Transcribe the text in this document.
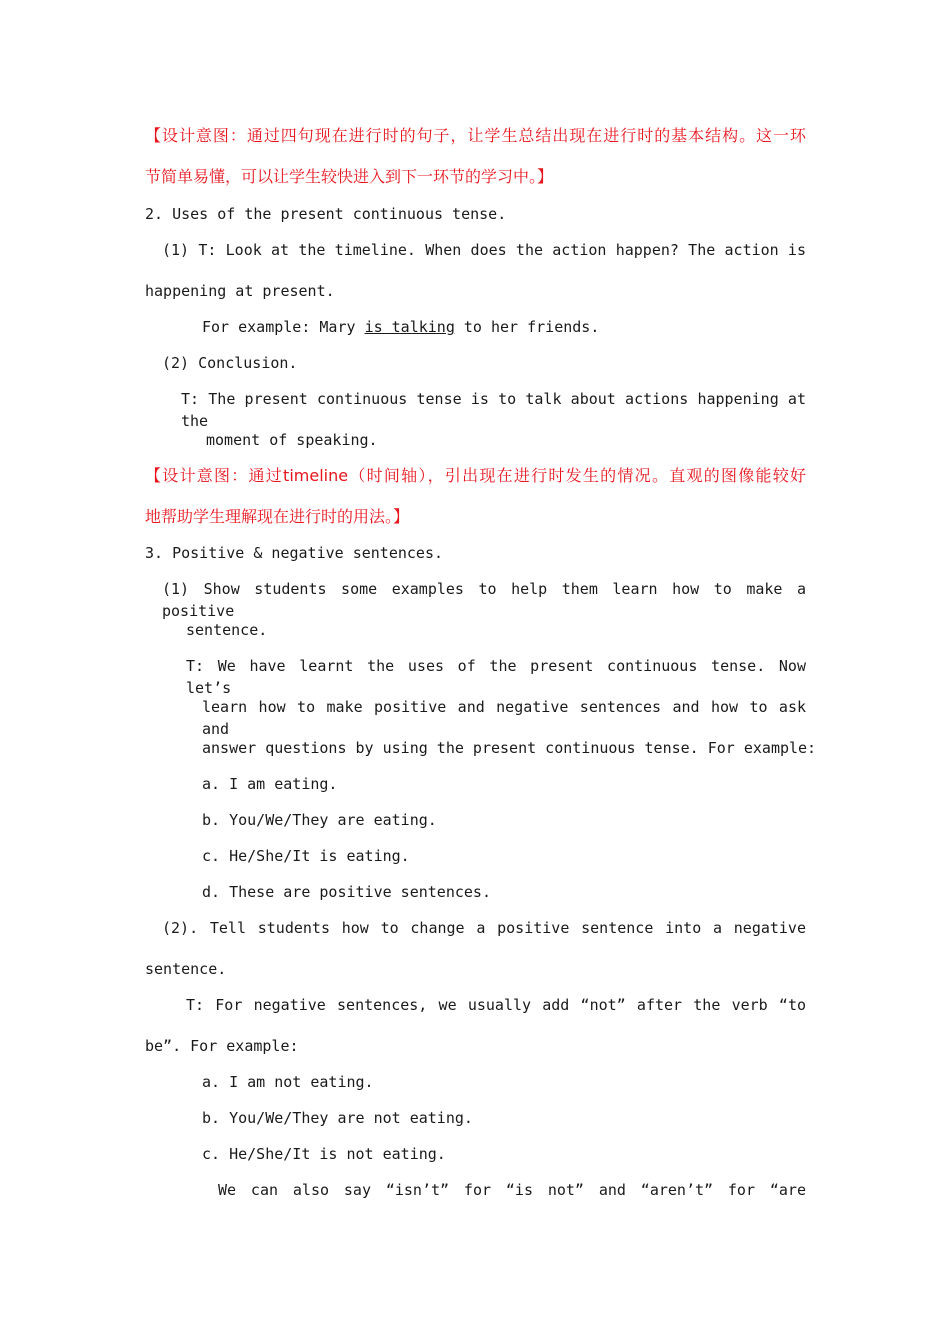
【设计意图：通过四句现在进行时的句子，让学生总结出现在进行时的基本结构。这一环

节简单易懂，可以让学生较快进入到下一环节的学习中。】

2. Uses of the present continuous tense.

(1) T: Look at the timeline. When does the action happen? The action is

happening at present.

For example: Mary is talking to her friends.

(2) Conclusion.

T: The present continuous tense is to talk about actions happening at the

moment of speaking.

【设计意图：通过timeline（时间轴），引出现在进行时发生的情况。直观的图像能较好

地帮助学生理解现在进行时的用法。】

3. Positive & negative sentences.

(1) Show students some examples to help them learn how to make a positive

sentence.

T: We have learnt the uses of the present continuous tense. Now let’s

learn how to make positive and negative sentences and how to ask and

answer questions by using the present continuous tense. For example:

a. I am eating.

b. You/We/They are eating.

c. He/She/It is eating.

d. These are positive sentences.

(2). Tell students how to change a positive sentence into a negative

sentence.

T: For negative sentences, we usually add “not” after the verb “to

be”. For example:

a. I am not eating.

b. You/We/They are not eating.

c. He/She/It is not eating.

We can also say “isn’t” for “is not” and “aren’t” for “are
